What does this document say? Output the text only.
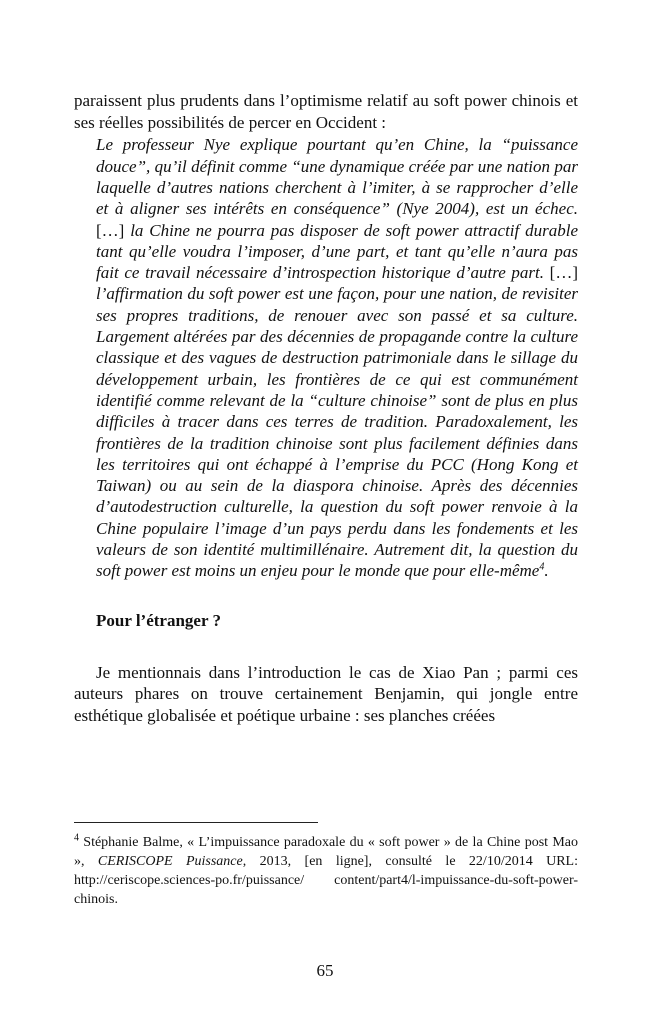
paraissent plus prudents dans l’optimisme relatif au soft power chinois et ses réelles possibilités de percer en Occident :

Le professeur Nye explique pourtant qu’en Chine, la “puissance douce”, qu’il définit comme “une dynamique créée par une nation par laquelle d’autres nations cherchent à l’imiter, à se rapprocher d’elle et à aligner ses intérêts en conséquence” (Nye 2004), est un échec. […] la Chine ne pourra pas disposer de soft power attractif durable tant qu’elle voudra l’imposer, d’une part, et tant qu’elle n’aura pas fait ce travail nécessaire d’introspection historique d’autre part. […] l’affirmation du soft power est une façon, pour une nation, de revisiter ses propres traditions, de renouer avec son passé et sa culture. Largement altérées par des décennies de propagande contre la culture classique et des vagues de destruction patrimoniale dans le sillage du développement urbain, les frontières de ce qui est communément identifié comme relevant de la “culture chinoise” sont de plus en plus difficiles à tracer dans ces terres de tradition. Paradoxalement, les frontières de la tradition chinoise sont plus facilement définies dans les territoires qui ont échappé à l’emprise du PCC (Hong Kong et Taiwan) ou au sein de la diaspora chinoise. Après des décennies d’autodestruction culturelle, la question du soft power renvoie à la Chine populaire l’image d’un pays perdu dans les fondements et les valeurs de son identité multimillénaire. Autrement dit, la question du soft power est moins un enjeu pour le monde que pour elle-même$^4$.

Pour l’étranger ?

Je mentionnais dans l’introduction le cas de Xiao Pan ; parmi ces auteurs phares on trouve certainement Benjamin, qui jongle entre esthétique globalisée et poétique urbaine : ses planches créées

$^4$ Stéphanie Balme, « L’impuissance paradoxale du « soft power » de la Chine post Mao », CERISCOPE Puissance, 2013, [en ligne], consulté le 22/10/2014 URL: http://ceriscope.sciences-po.fr/puissance/ content/part4/l-impuissance-du-soft-power-chinois.

65
